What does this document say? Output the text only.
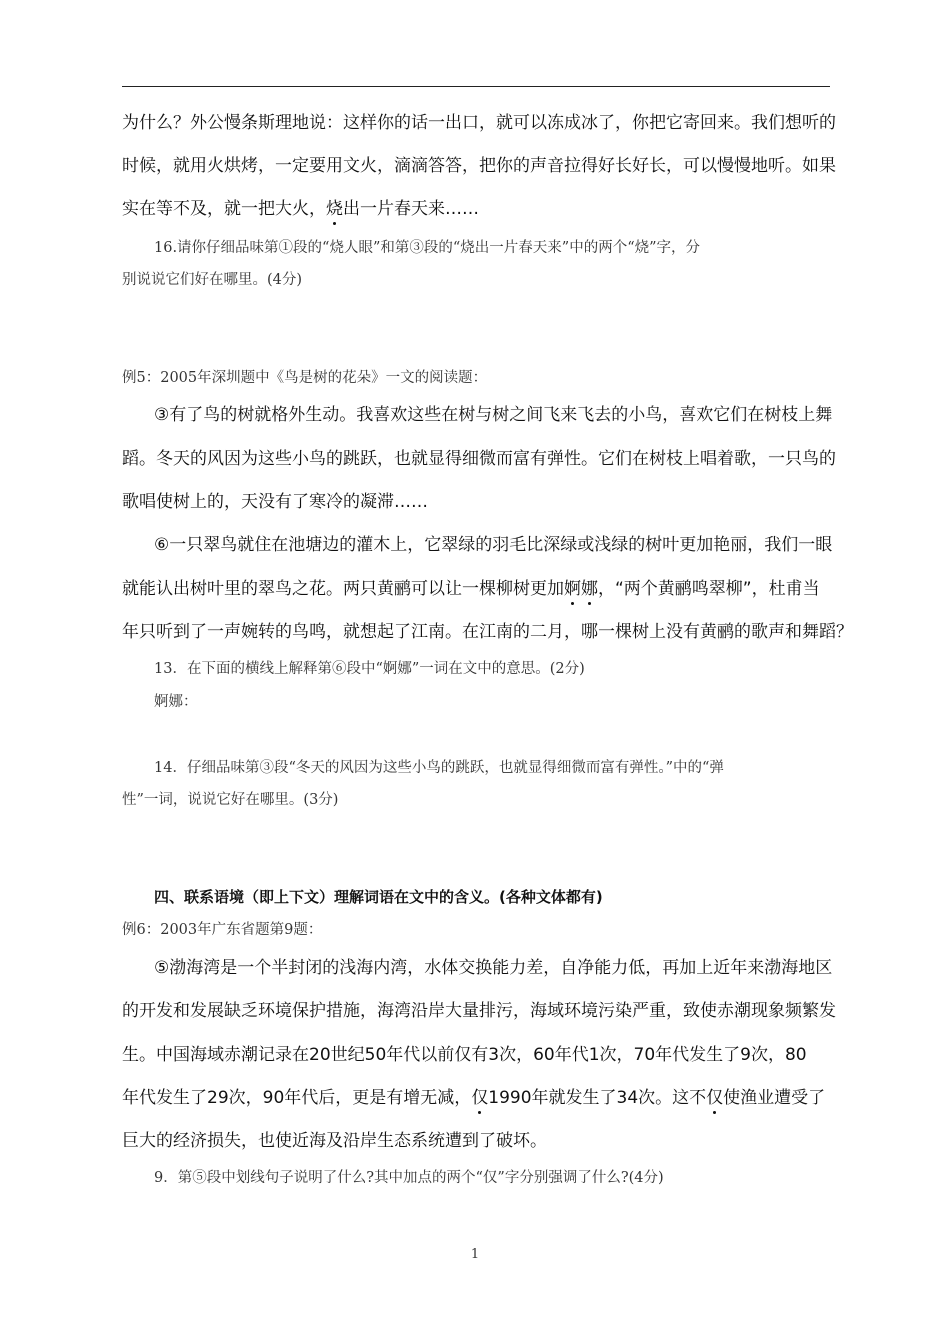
为什么？外公慢条斯理地说：这样你的话一出口，就可以冻成冰了，你把它寄回来。我们想听的
时候，就用火烘烤，一定要用文火，滴滴答答，把你的声音拉得好长好长，可以慢慢地听。如果
实在等不及，就一把大火，烧出一片春天来……
16.请你仔细品味第①段的“烧人眼”和第③段的“烧出一片春天来”中的两个“烧”字，分
别说说它们好在哪里。(4分)
例5：2005年深圳题中《鸟是树的花朵》一文的阅读题：
③有了鸟的树就格外生动。我喜欢这些在树与树之间飞来飞去的小鸟，喜欢它们在树枝上舞
蹈。冬天的风因为这些小鸟的跳跃，也就显得细微而富有弹性。它们在树枝上唱着歌，一只鸟的
歌唱使树上的，天没有了寒冷的凝滞……
⑥一只翠鸟就住在池塘边的灌木上，它翠绿的羽毛比深绿或浅绿的树叶更加艳丽，我们一眼
就能认出树叶里的翠鸟之花。两只黄鹂可以让一棵柳树更加婀娜，“两个黄鹂鸣翠柳”，杜甫当
年只听到了一声婉转的鸟鸣，就想起了江南。在江南的二月，哪一棵树上没有黄鹂的歌声和舞蹈？
13．在下面的横线上解释第⑥段中“婀娜”一词在文中的意思。(2分)
婀娜：
14．仔细品味第③段“冬天的风因为这些小鸟的跳跃，也就显得细微而富有弹性。”中的“弹
性”一词，说说它好在哪里。(3分)
四、联系语境（即上下文）理解词语在文中的含义。(各种文体都有)
例6：2003年广东省题第9题：
⑤渤海湾是一个半封闭的浅海内湾，水体交换能力差，自净能力低，再加上近年来渤海地区
的开发和发展缺乏环境保护措施，海湾沿岸大量排污，海域环境污染严重，致使赤潮现象频繁发
生。中国海域赤潮记录在20世纪50年代以前仅有3次，60年代1次，70年代发生了9次，80
年代发生了29次，90年代后，更是有增无减，仅1990年就发生了34次。这不仅使渔业遭受了
巨大的经济损失，也使近海及沿岸生态系统遭到了破坏。
9．第⑤段中划线句子说明了什么?其中加点的两个“仅”字分别强调了什么?(4分)
1
